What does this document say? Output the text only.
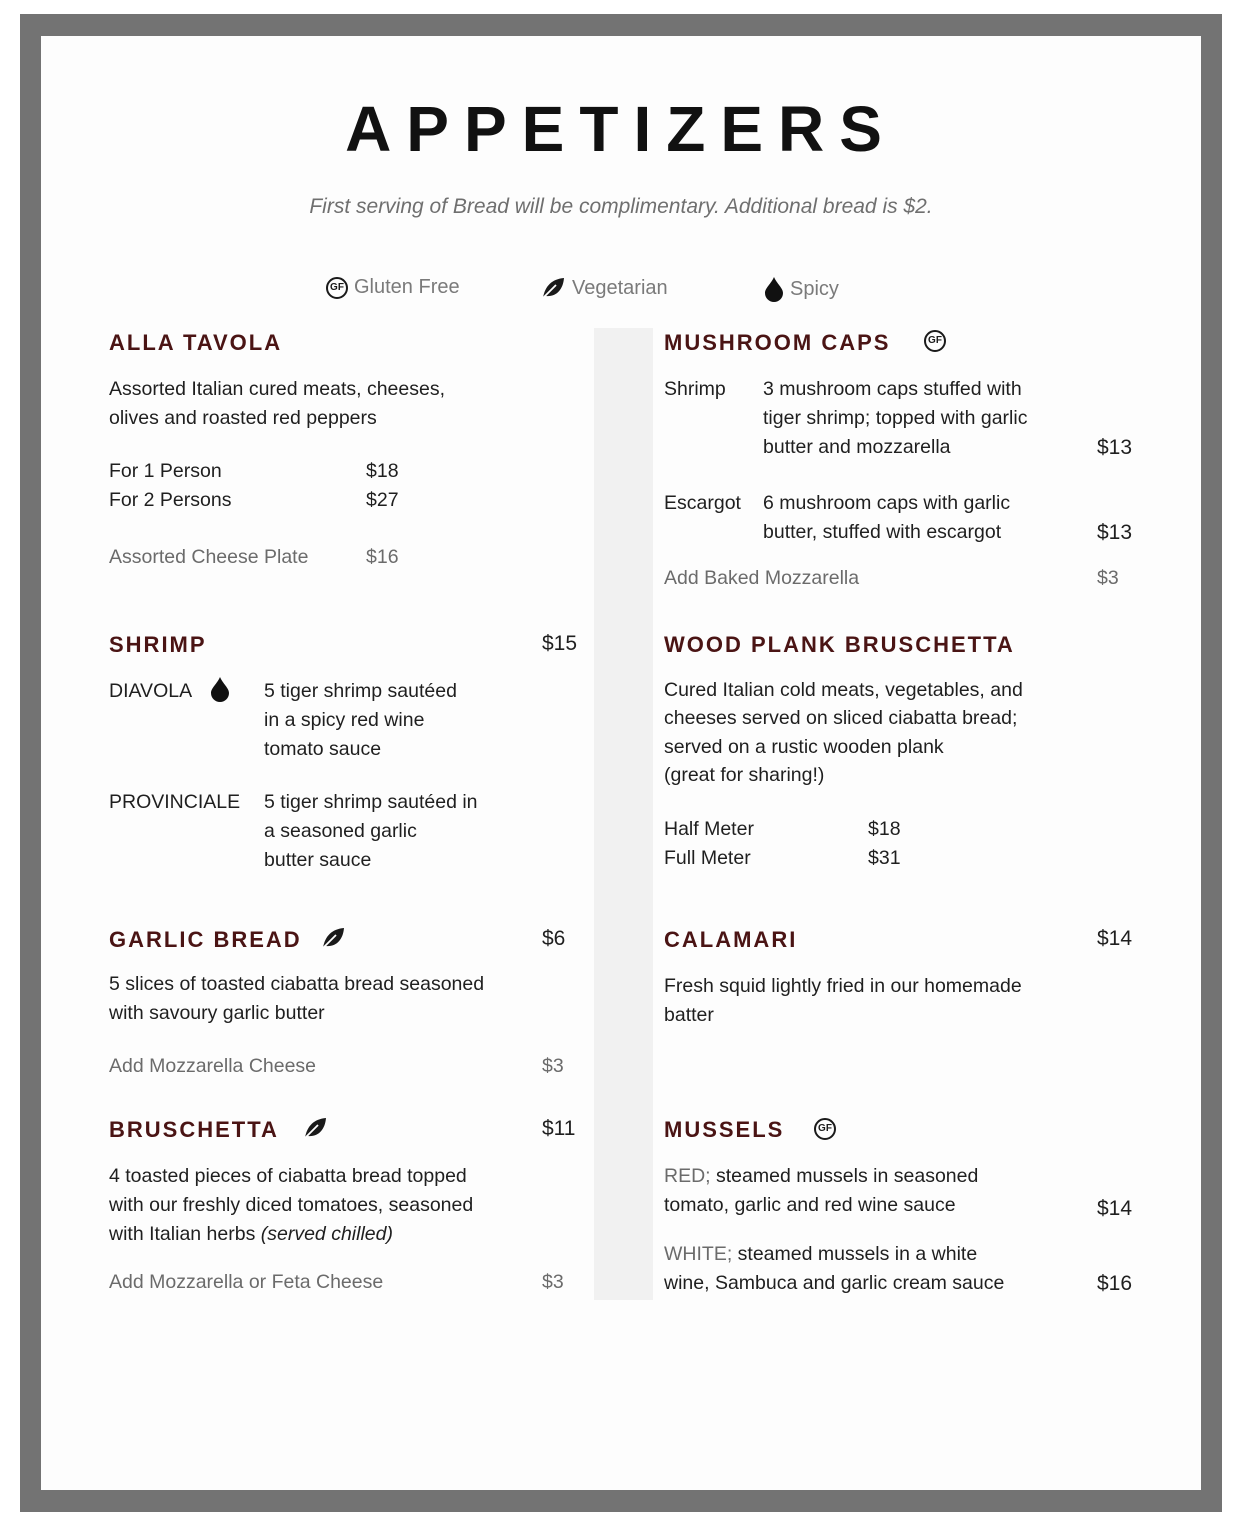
APPETIZERS
First serving of Bread will be complimentary. Additional bread is $2.
GF Gluten Free	Vegetarian	Spicy
ALLA TAVOLA
Assorted Italian cured meats, cheeses,
olives and roasted red peppers
For 1 Person	$18
For 2 Persons	$27
Assorted Cheese Plate	$16
SHRIMP	$15
DIAVOLA	5 tiger shrimp sautéed
in a spicy red wine
tomato sauce
PROVINCIALE 5 tiger shrimp sautéed in
a seasoned garlic
butter sauce
GARLIC BREAD	$6
5 slices of toasted ciabatta bread seasoned
with savoury garlic butter
Add Mozzarella Cheese	$3
BRUSCHETTA	$11
4 toasted pieces of ciabatta bread topped
with our freshly diced tomatoes, seasoned
with Italian herbs (served chilled)
Add Mozzarella or Feta Cheese	$3
MUSHROOM CAPS	GF
Shrimp 3 mushroom caps stuffed with
tiger shrimp; topped with garlic
butter and mozzarella	$13
Escargot 6 mushroom caps with garlic
butter, stuffed with escargot	$13
Add Baked Mozzarella	$3
WOOD PLANK BRUSCHETTA
Cured Italian cold meats, vegetables, and
cheeses served on sliced ciabatta bread;
served on a rustic wooden plank
(great for sharing!)
Half Meter	$18
Full Meter	$31
CALAMARI	$14
Fresh squid lightly fried in our homemade
batter
MUSSELS	GF
RED; steamed mussels in seasoned
tomato, garlic and red wine sauce	$14
WHITE; steamed mussels in a white
wine, Sambuca and garlic cream sauce	$16
